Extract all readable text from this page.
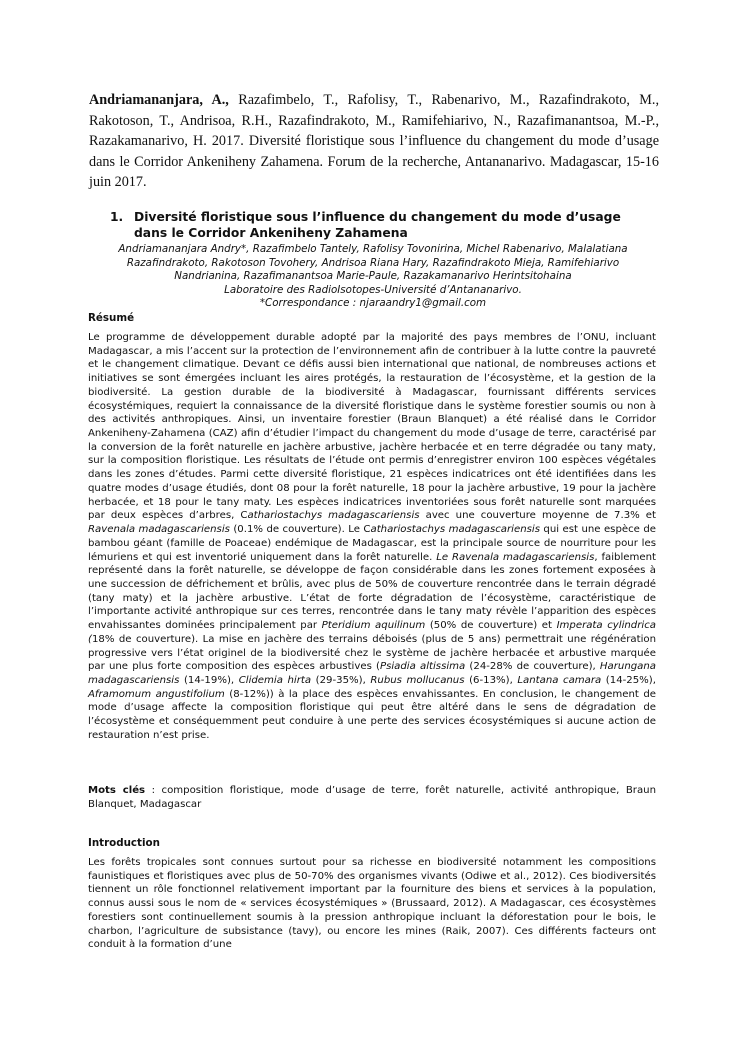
Andriamananjara, A., Razafimbelo, T., Rafolisy, T., Rabenarivo, M., Razafindrakoto, M., Rakotoson, T., Andrisoa, R.H., Razafindrakoto, M., Ramifehiarivo, N., Razafimanantsoa, M.-P., Razakamanarivo, H. 2017. Diversité floristique sous l’influence du changement du mode d’usage dans le Corridor Ankeniheny Zahamena. Forum de la recherche, Antananarivo. Madagascar, 15-16 juin 2017.
1. Diversité floristique sous l’influence du changement du mode d’usage dans le Corridor Ankeniheny Zahamena
Andriamananjara Andry*, Razafimbelo Tantely, Rafolisy Tovonirina, Michel Rabenarivo, Malalatiana
Razafindrakoto, Rakotoson Tovohery, Andrisoa Riana Hary, Razafindrakoto Mieja, Ramifehiarivo
Nandrianina, Razafimanantsoa Marie-Paule, Razakamanarivo Herintsitohaina
Laboratoire des RadioIsotopes-Université d’Antananarivo.
*Correspondance : njaraandry1@gmail.com
Résumé
Le programme de développement durable adopté par la majorité des pays membres de l’ONU, incluant Madagascar, a mis l’accent sur la protection de l’environnement afin de contribuer à la lutte contre la pauvreté et le changement climatique. Devant ce défis aussi bien international que national, de nombreuses actions et initiatives se sont émergées incluant les aires protégés, la restauration de l’écosystème, et la gestion de la biodiversité. La gestion durable de la biodiversité à Madagascar, fournissant différents services écosystémiques, requiert la connaissance de la diversité floristique dans le système forestier soumis ou non à des activités anthropiques. Ainsi, un inventaire forestier (Braun Blanquet) a été réalisé dans le Corridor Ankeniheny-Zahamena (CAZ) afin d’étudier l’impact du changement du mode d’usage de terre, caractérisé par la conversion de la forêt naturelle en jachère arbustive, jachère herbacée et en terre dégradée ou tany maty, sur la composition floristique. Les résultats de l’étude ont permis d’enregistrer environ 100 espèces végétales dans les zones d’études. Parmi cette diversité floristique, 21 espèces indicatrices ont été identifiées dans les quatre modes d’usage étudiés, dont 08 pour la forêt naturelle, 18 pour la jachère arbustive, 19 pour la jachère herbacée, et 18 pour le tany maty. Les espèces indicatrices inventoriées sous forêt naturelle sont marquées par deux espèces d’arbres, Cathariostachys madagascariensis avec une couverture moyenne de 7.3% et Ravenala madagascariensis (0.1% de couverture). Le Cathariostachys madagascariensis qui est une espèce de bambou géant (famille de Poaceae) endémique de Madagascar, est la principale source de nourriture pour les lémuriens et qui est inventorié uniquement dans la forêt naturelle. Le Ravenala madagascariensis, faiblement représenté dans la forêt naturelle, se développe de façon considérable dans les zones fortement exposées à une succession de défrichement et brûlis, avec plus de 50% de couverture rencontrée dans le terrain dégradé (tany maty) et la jachère arbustive. L’état de forte dégradation de l’écosystème, caractéristique de l’importante activité anthropique sur ces terres, rencontrée dans le tany maty révèle l’apparition des espèces envahissantes dominées principalement par Pteridium aquilinum (50% de couverture) et Imperata cylindrica (18% de couverture). La mise en jachère des terrains déboisés (plus de 5 ans) permettrait une régénération progressive vers l’état originel de la biodiversité chez le système de jachère herbacée et arbustive marquée par une plus forte composition des espèces arbustives (Psiadia altissima (24-28% de couverture), Harungana madagascariensis (14-19%), Clidemia hirta (29-35%), Rubus mollucanus (6-13%), Lantana camara (14-25%), Aframomum angustifolium (8-12%)) à la place des espèces envahissantes. En conclusion, le changement de mode d’usage affecte la composition floristique qui peut être altéré dans le sens de dégradation de l’écosystème et conséquemment peut conduire à une perte des services écosystémiques si aucune action de restauration n’est prise.
Mots clés : composition floristique, mode d’usage de terre, forêt naturelle, activité anthropique, Braun Blanquet, Madagascar
Introduction
Les forêts tropicales sont connues surtout pour sa richesse en biodiversité notamment les compositions faunistiques et floristiques avec plus de 50-70% des organismes vivants (Odiwe et al., 2012). Ces biodiversités tiennent un rôle fonctionnel relativement important par la fourniture des biens et services à la population, connus aussi sous le nom de « services écosystémiques » (Brussaard, 2012). A Madagascar, ces écosystèmes forestiers sont continuellement soumis à la pression anthropique incluant la déforestation pour le bois, le charbon, l’agriculture de subsistance (tavy), ou encore les mines (Raik, 2007). Ces différents facteurs ont conduit à la formation d’une
